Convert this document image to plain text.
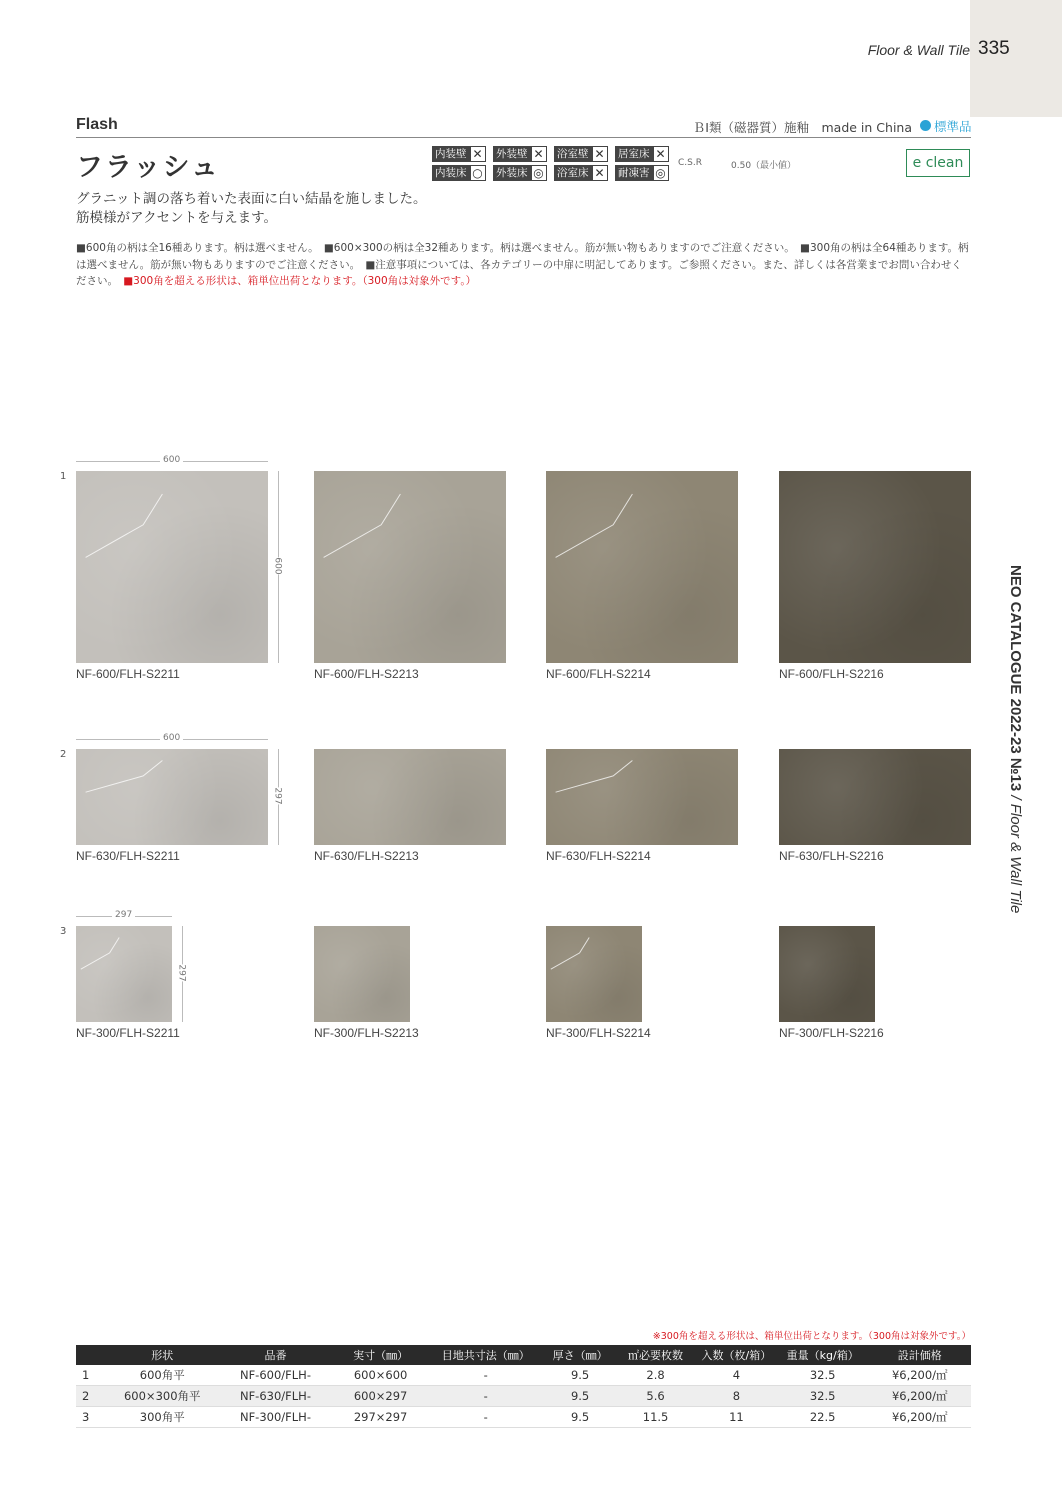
335
Floor & Wall Tile
NEO CATALOGUE 2022-23 №13 / Floor & Wall Tile
Flash	ＢⅠ類（磁器質）施釉　made in China 標準品
フラッシュ	内装壁 ✕ 外装壁 ✕ 浴室壁 ✕ 居室床 ✕
内装床 ○ 外装床 ◎ 浴室床 ✕ 耐凍害 ◎
C.S.R	0.50（最小値）	e clean
グラニット調の落ち着いた表面に白い結晶を施しました。
筋模様がアクセントを与えます。
■600角の柄は全16種あります。柄は選べません。　■600×300の柄は全32種あります。柄は選べません。筋が無い物もありますのでご注意ください。　■300角の柄は全64種あります。柄は選べません。筋が無い物もありますのでご注意ください。　■注意事項については、各カテゴリーの中扉に明記してあります。ご参照ください。また、詳しくは各営業までお問い合わせください。　■300角を超える形状は、箱単位出荷となります。（300角は対象外です。）
1
600
600
NF-600/FLH-S2211	NF-600/FLH-S2213	NF-600/FLH-S2214	NF-600/FLH-S2216
2
600
297
NF-630/FLH-S2211	NF-630/FLH-S2213	NF-630/FLH-S2214	NF-630/FLH-S2216
3
297
297
NF-300/FLH-S2211	NF-300/FLH-S2213	NF-300/FLH-S2214	NF-300/FLH-S2216
※300角を超える形状は、箱単位出荷となります。（300角は対象外です。）
	形状	品番	実寸（㎜）	目地共寸法（㎜）	厚さ（㎜）	㎡必要枚数	入数（枚/箱）	重量（kg/箱）	設計価格
1	600角平	NF-600/FLH-	600×600	-	9.5	2.8	4	32.5	¥6,200/㎡
2	600×300角平	NF-630/FLH-	600×297	-	9.5	5.6	8	32.5	¥6,200/㎡
3	300角平	NF-300/FLH-	297×297	-	9.5	11.5	11	22.5	¥6,200/㎡
